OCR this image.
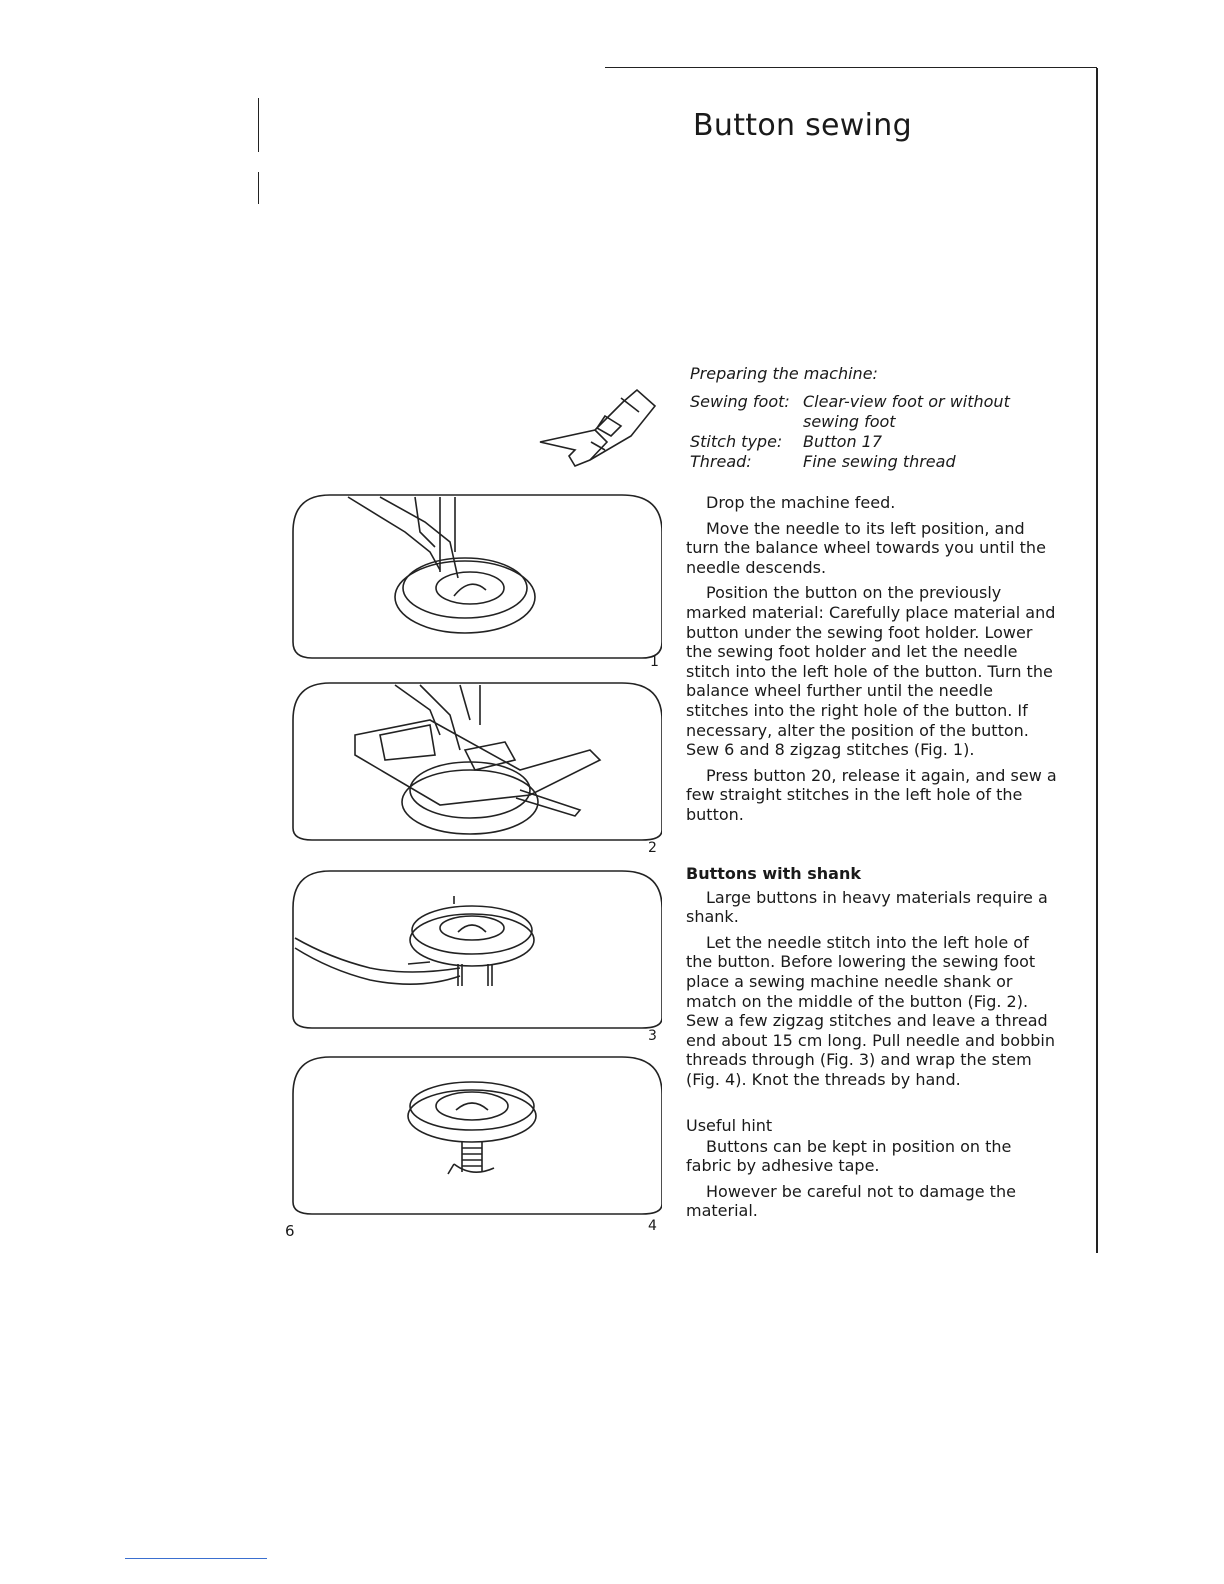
Button sewing
Preparing the machine:
Sewing foot: Clear-view foot or without sewing foot
Stitch type:	Button 17
Thread:	Fine sewing thread

Drop the machine feed.

Move the needle to its left position, and turn the balance wheel towards you until the needle descends.

Position the button on the previously marked material: Carefully place material and button under the sewing foot holder. Lower the sewing foot holder and let the needle stitch into the left hole of the button. Turn the balance wheel further until the needle stitches into the right hole of the button. If necessary, alter the position of the button. Sew 6 and 8 zigzag stitches (Fig. 1).

Press button 20, release it again, and sew a few straight stitches in the left hole of the button.

Buttons with shank

Large buttons in heavy materials require a shank.

Let the needle stitch into the left hole of the button. Before lowering the sewing foot place a sewing machine needle shank or match on the middle of the button (Fig. 2). Sew a few zigzag stitches and leave a thread end about 15 cm long. Pull needle and bobbin threads through (Fig. 3) and wrap the stem (Fig. 4). Knot the threads by hand.

Useful hint

Buttons can be kept in position on the fabric by adhesive tape.

However be careful not to damage the material.

1
2
3
4
6
